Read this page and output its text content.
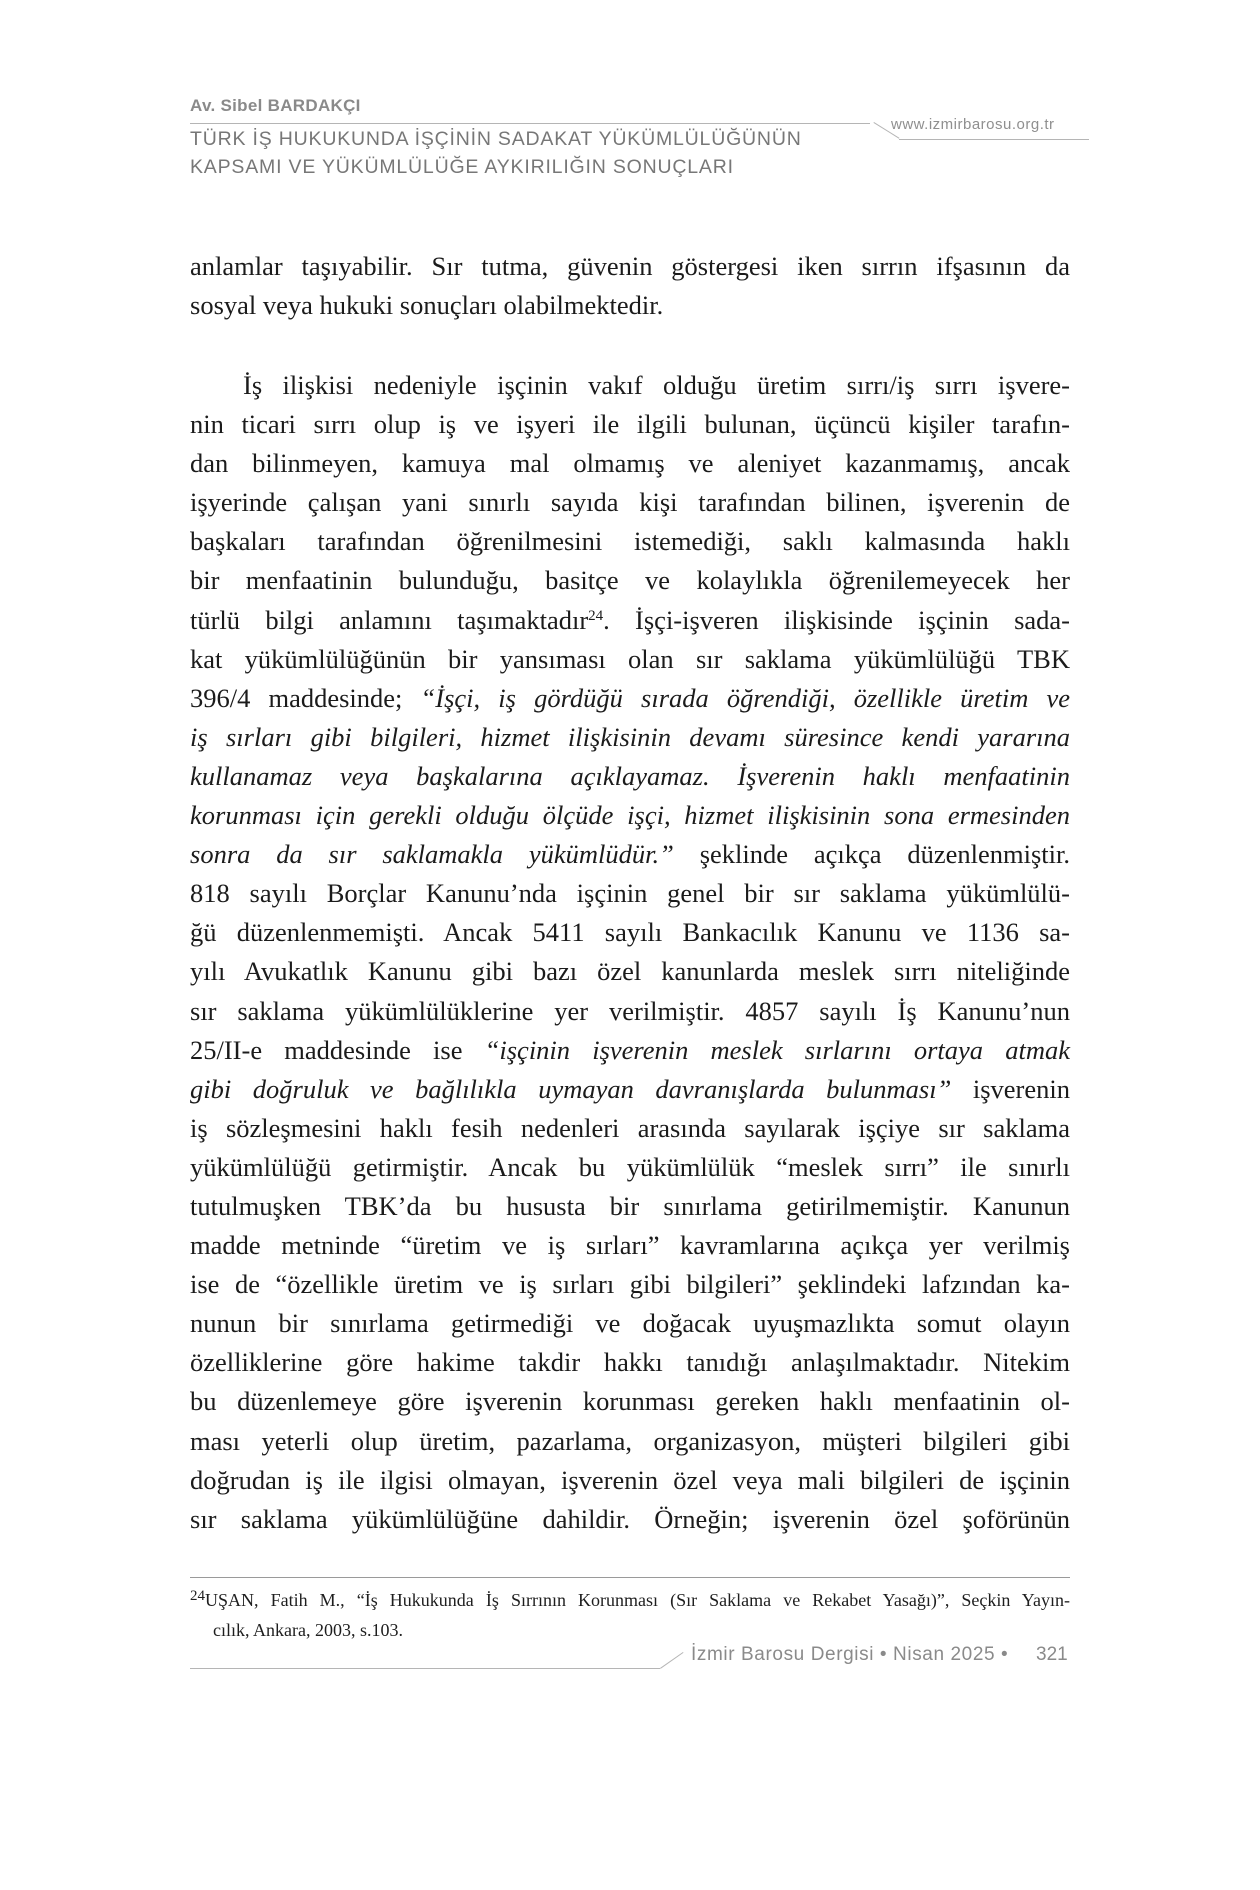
Av. Sibel BARDAKÇI
www.izmirbarosu.org.tr
TÜRK İŞ HUKUKUNDA İŞÇİNİN SADAKAT YÜKÜMLÜLÜĞÜNÜN
KAPSAMI VE YÜKÜMLÜLÜĞE AYKIRILIĞIN SONUÇLARI
anlamlar taşıyabilir. Sır tutma, güvenin göstergesi iken sırrın ifşasının da
sosyal veya hukuki sonuçları olabilmektedir.
İş ilişkisi nedeniyle işçinin vakıf olduğu üretim sırrı/iş sırrı işvere-
nin ticari sırrı olup iş ve işyeri ile ilgili bulunan, üçüncü kişiler tarafın-
dan bilinmeyen, kamuya mal olmamış ve aleniyet kazanmamış, ancak
işyerinde çalışan yani sınırlı sayıda kişi tarafından bilinen, işverenin de
başkaları tarafından öğrenilmesini istemediği, saklı kalmasında haklı
bir menfaatinin bulunduğu, basitçe ve kolaylıkla öğrenilemeyecek her
türlü bilgi anlamını taşımaktadır$^{24}$. İşçi-işveren ilişkisinde işçinin sada-
kat yükümlülüğünün bir yansıması olan sır saklama yükümlülüğü TBK
396/4 maddesinde; “İşçi, iş gördüğü sırada öğrendiği, özellikle üretim ve
iş sırları gibi bilgileri, hizmet ilişkisinin devamı süresince kendi yararına
kullanamaz veya başkalarına açıklayamaz. İşverenin haklı menfaatinin
korunması için gerekli olduğu ölçüde işçi, hizmet ilişkisinin sona ermesinden
sonra da sır saklamakla yükümlüdür.” şeklinde açıkça düzenlenmiştir.
818 sayılı Borçlar Kanunu’nda işçinin genel bir sır saklama yükümlülü-
ğü düzenlenmemişti. Ancak 5411 sayılı Bankacılık Kanunu ve 1136 sa-
yılı Avukatlık Kanunu gibi bazı özel kanunlarda meslek sırrı niteliğinde
sır saklama yükümlülüklerine yer verilmiştir. 4857 sayılı İş Kanunu’nun
25/II-e maddesinde ise “işçinin işverenin meslek sırlarını ortaya atmak
gibi doğruluk ve bağlılıkla uymayan davranışlarda bulunması” işverenin
iş sözleşmesini haklı fesih nedenleri arasında sayılarak işçiye sır saklama
yükümlülüğü getirmiştir. Ancak bu yükümlülük “meslek sırrı” ile sınırlı
tutulmuşken TBK’da bu hususta bir sınırlama getirilmemiştir. Kanunun
madde metninde “üretim ve iş sırları” kavramlarına açıkça yer verilmiş
ise de “özellikle üretim ve iş sırları gibi bilgileri” şeklindeki lafzından ka-
nunun bir sınırlama getirmediği ve doğacak uyuşmazlıkta somut olayın
özelliklerine göre hakime takdir hakkı tanıdığı anlaşılmaktadır. Nitekim
bu düzenlemeye göre işverenin korunması gereken haklı menfaatinin ol-
ması yeterli olup üretim, pazarlama, organizasyon, müşteri bilgileri gibi
doğrudan iş ile ilgisi olmayan, işverenin özel veya mali bilgileri de işçinin
sır saklama yükümlülüğüne dahildir. Örneğin; işverenin özel şoförünün
$^{24}$UŞAN, Fatih M., “İş Hukukunda İş Sırrının Korunması (Sır Saklama ve Rekabet Yasağı)”, Seçkin Yayın-
cılık, Ankara, 2003, s.103.
İzmir Barosu Dergisi • Nisan 2025 • 321
